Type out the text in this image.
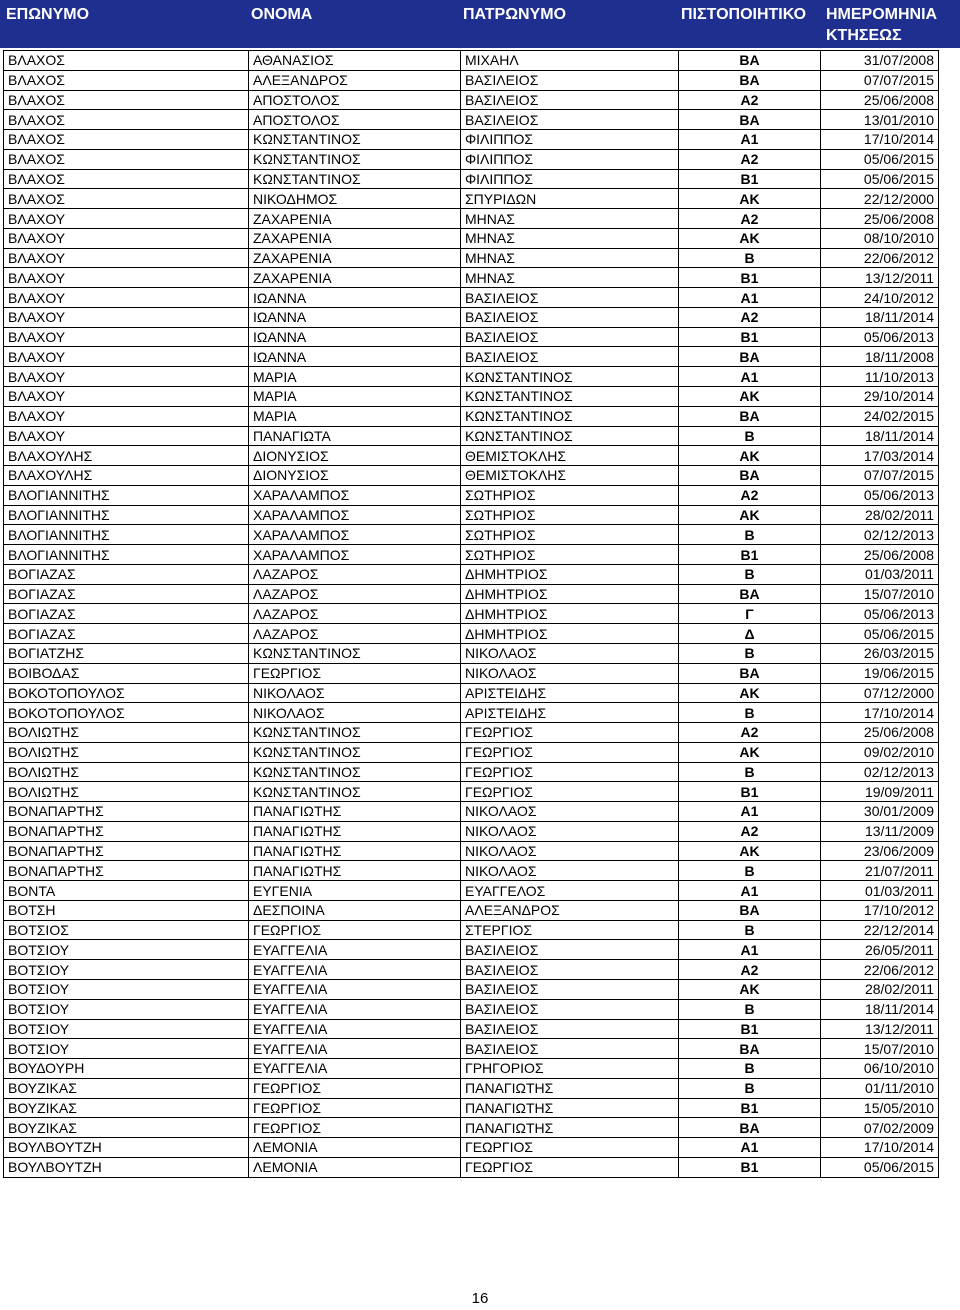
ΕΠΩΝΥΜΟ	ΟΝΟΜΑ	ΠΑΤΡΩΝΥΜΟ	ΠΙΣΤΟΠΟΙΗΤΙΚΟ ΗΜΕΡΟΜΗΝΙΑ
ΚΤΗΣΕΩΣ
ΒΛΑΧΟΣ	ΑΘΑΝΑΣΙΟΣ	ΜΙΧΑΗΛ	ΒΑ	31/07/2008
ΒΛΑΧΟΣ	ΑΛΕΞΑΝΔΡΟΣ	ΒΑΣΙΛΕΙΟΣ	ΒΑ	07/07/2015
ΒΛΑΧΟΣ	ΑΠΟΣΤΟΛΟΣ	ΒΑΣΙΛΕΙΟΣ	Α2	25/06/2008
ΒΛΑΧΟΣ	ΑΠΟΣΤΟΛΟΣ	ΒΑΣΙΛΕΙΟΣ	ΒΑ	13/01/2010
ΒΛΑΧΟΣ	ΚΩΝΣΤΑΝΤΙΝΟΣ	ΦΙΛΙΠΠΟΣ	Α1	17/10/2014
ΒΛΑΧΟΣ	ΚΩΝΣΤΑΝΤΙΝΟΣ	ΦΙΛΙΠΠΟΣ	Α2	05/06/2015
ΒΛΑΧΟΣ	ΚΩΝΣΤΑΝΤΙΝΟΣ	ΦΙΛΙΠΠΟΣ	Β1	05/06/2015
ΒΛΑΧΟΣ	ΝΙΚΟΔΗΜΟΣ	ΣΠΥΡΙΔΩΝ	ΑΚ	22/12/2000
ΒΛΑΧΟΥ	ΖΑΧΑΡΕΝΙΑ	ΜΗΝΑΣ	Α2	25/06/2008
ΒΛΑΧΟΥ	ΖΑΧΑΡΕΝΙΑ	ΜΗΝΑΣ	ΑΚ	08/10/2010
ΒΛΑΧΟΥ	ΖΑΧΑΡΕΝΙΑ	ΜΗΝΑΣ	Β	22/06/2012
ΒΛΑΧΟΥ	ΖΑΧΑΡΕΝΙΑ	ΜΗΝΑΣ	Β1	13/12/2011
ΒΛΑΧΟΥ	ΙΩΑΝΝΑ	ΒΑΣΙΛΕΙΟΣ	Α1	24/10/2012
ΒΛΑΧΟΥ	ΙΩΑΝΝΑ	ΒΑΣΙΛΕΙΟΣ	Α2	18/11/2014
ΒΛΑΧΟΥ	ΙΩΑΝΝΑ	ΒΑΣΙΛΕΙΟΣ	Β1	05/06/2013
ΒΛΑΧΟΥ	ΙΩΑΝΝΑ	ΒΑΣΙΛΕΙΟΣ	ΒΑ	18/11/2008
ΒΛΑΧΟΥ	ΜΑΡΙΑ	ΚΩΝΣΤΑΝΤΙΝΟΣ	Α1	11/10/2013
ΒΛΑΧΟΥ	ΜΑΡΙΑ	ΚΩΝΣΤΑΝΤΙΝΟΣ	ΑΚ	29/10/2014
ΒΛΑΧΟΥ	ΜΑΡΙΑ	ΚΩΝΣΤΑΝΤΙΝΟΣ	ΒΑ	24/02/2015
ΒΛΑΧΟΥ	ΠΑΝΑΓΙΩΤΑ	ΚΩΝΣΤΑΝΤΙΝΟΣ	Β	18/11/2014
ΒΛΑΧΟΥΛΗΣ	ΔΙΟΝΥΣΙΟΣ	ΘΕΜΙΣΤΟΚΛΗΣ	ΑΚ	17/03/2014
ΒΛΑΧΟΥΛΗΣ	ΔΙΟΝΥΣΙΟΣ	ΘΕΜΙΣΤΟΚΛΗΣ	ΒΑ	07/07/2015
ΒΛΟΓΙΑΝΝΙΤΗΣ	ΧΑΡΑΛΑΜΠΟΣ	ΣΩΤΗΡΙΟΣ	Α2	05/06/2013
ΒΛΟΓΙΑΝΝΙΤΗΣ	ΧΑΡΑΛΑΜΠΟΣ	ΣΩΤΗΡΙΟΣ	ΑΚ	28/02/2011
ΒΛΟΓΙΑΝΝΙΤΗΣ	ΧΑΡΑΛΑΜΠΟΣ	ΣΩΤΗΡΙΟΣ	Β	02/12/2013
ΒΛΟΓΙΑΝΝΙΤΗΣ	ΧΑΡΑΛΑΜΠΟΣ	ΣΩΤΗΡΙΟΣ	Β1	25/06/2008
ΒΟΓΙΑΖΑΣ	ΛΑΖΑΡΟΣ	ΔΗΜΗΤΡΙΟΣ	Β	01/03/2011
ΒΟΓΙΑΖΑΣ	ΛΑΖΑΡΟΣ	ΔΗΜΗΤΡΙΟΣ	ΒΑ	15/07/2010
ΒΟΓΙΑΖΑΣ	ΛΑΖΑΡΟΣ	ΔΗΜΗΤΡΙΟΣ	Γ	05/06/2013
ΒΟΓΙΑΖΑΣ	ΛΑΖΑΡΟΣ	ΔΗΜΗΤΡΙΟΣ	Δ	05/06/2015
ΒΟΓΙΑΤΖΗΣ	ΚΩΝΣΤΑΝΤΙΝΟΣ	ΝΙΚΟΛΑΟΣ	Β	26/03/2015
ΒΟΙΒΟΔΑΣ	ΓΕΩΡΓΙΟΣ	ΝΙΚΟΛΑΟΣ	ΒΑ	19/06/2015
ΒΟΚΟΤΟΠΟΥΛΟΣ	ΝΙΚΟΛΑΟΣ	ΑΡΙΣΤΕΙΔΗΣ	ΑΚ	07/12/2000
ΒΟΚΟΤΟΠΟΥΛΟΣ	ΝΙΚΟΛΑΟΣ	ΑΡΙΣΤΕΙΔΗΣ	Β	17/10/2014
ΒΟΛΙΩΤΗΣ	ΚΩΝΣΤΑΝΤΙΝΟΣ	ΓΕΩΡΓΙΟΣ	Α2	25/06/2008
ΒΟΛΙΩΤΗΣ	ΚΩΝΣΤΑΝΤΙΝΟΣ	ΓΕΩΡΓΙΟΣ	ΑΚ	09/02/2010
ΒΟΛΙΩΤΗΣ	ΚΩΝΣΤΑΝΤΙΝΟΣ	ΓΕΩΡΓΙΟΣ	Β	02/12/2013
ΒΟΛΙΩΤΗΣ	ΚΩΝΣΤΑΝΤΙΝΟΣ	ΓΕΩΡΓΙΟΣ	Β1	19/09/2011
ΒΟΝΑΠΑΡΤΗΣ	ΠΑΝΑΓΙΩΤΗΣ	ΝΙΚΟΛΑΟΣ	Α1	30/01/2009
ΒΟΝΑΠΑΡΤΗΣ	ΠΑΝΑΓΙΩΤΗΣ	ΝΙΚΟΛΑΟΣ	Α2	13/11/2009
ΒΟΝΑΠΑΡΤΗΣ	ΠΑΝΑΓΙΩΤΗΣ	ΝΙΚΟΛΑΟΣ	ΑΚ	23/06/2009
ΒΟΝΑΠΑΡΤΗΣ	ΠΑΝΑΓΙΩΤΗΣ	ΝΙΚΟΛΑΟΣ	Β	21/07/2011
ΒΟΝΤΑ	ΕΥΓΕΝΙΑ	ΕΥΑΓΓΕΛΟΣ	Α1	01/03/2011
ΒΟΤΣΗ	ΔΕΣΠΟΙΝΑ	ΑΛΕΞΑΝΔΡΟΣ	ΒΑ	17/10/2012
ΒΟΤΣΙΟΣ	ΓΕΩΡΓΙΟΣ	ΣΤΕΡΓΙΟΣ	Β	22/12/2014
ΒΟΤΣΙΟΥ	ΕΥΑΓΓΕΛΙΑ	ΒΑΣΙΛΕΙΟΣ	Α1	26/05/2011
ΒΟΤΣΙΟΥ	ΕΥΑΓΓΕΛΙΑ	ΒΑΣΙΛΕΙΟΣ	Α2	22/06/2012
ΒΟΤΣΙΟΥ	ΕΥΑΓΓΕΛΙΑ	ΒΑΣΙΛΕΙΟΣ	ΑΚ	28/02/2011
ΒΟΤΣΙΟΥ	ΕΥΑΓΓΕΛΙΑ	ΒΑΣΙΛΕΙΟΣ	Β	18/11/2014
ΒΟΤΣΙΟΥ	ΕΥΑΓΓΕΛΙΑ	ΒΑΣΙΛΕΙΟΣ	Β1	13/12/2011
ΒΟΤΣΙΟΥ	ΕΥΑΓΓΕΛΙΑ	ΒΑΣΙΛΕΙΟΣ	ΒΑ	15/07/2010
ΒΟΥΔΟΥΡΗ	ΕΥΑΓΓΕΛΙΑ	ΓΡΗΓΟΡΙΟΣ	Β	06/10/2010
ΒΟΥΖΙΚΑΣ	ΓΕΩΡΓΙΟΣ	ΠΑΝΑΓΙΩΤΗΣ	Β	01/11/2010
ΒΟΥΖΙΚΑΣ	ΓΕΩΡΓΙΟΣ	ΠΑΝΑΓΙΩΤΗΣ	Β1	15/05/2010
ΒΟΥΖΙΚΑΣ	ΓΕΩΡΓΙΟΣ	ΠΑΝΑΓΙΩΤΗΣ	ΒΑ	07/02/2009
ΒΟΥΛΒΟΥΤΖΗ	ΛΕΜΟΝΙΑ	ΓΕΩΡΓΙΟΣ	Α1	17/10/2014
ΒΟΥΛΒΟΥΤΖΗ	ΛΕΜΟΝΙΑ	ΓΕΩΡΓΙΟΣ	Β1	05/06/2015
16
